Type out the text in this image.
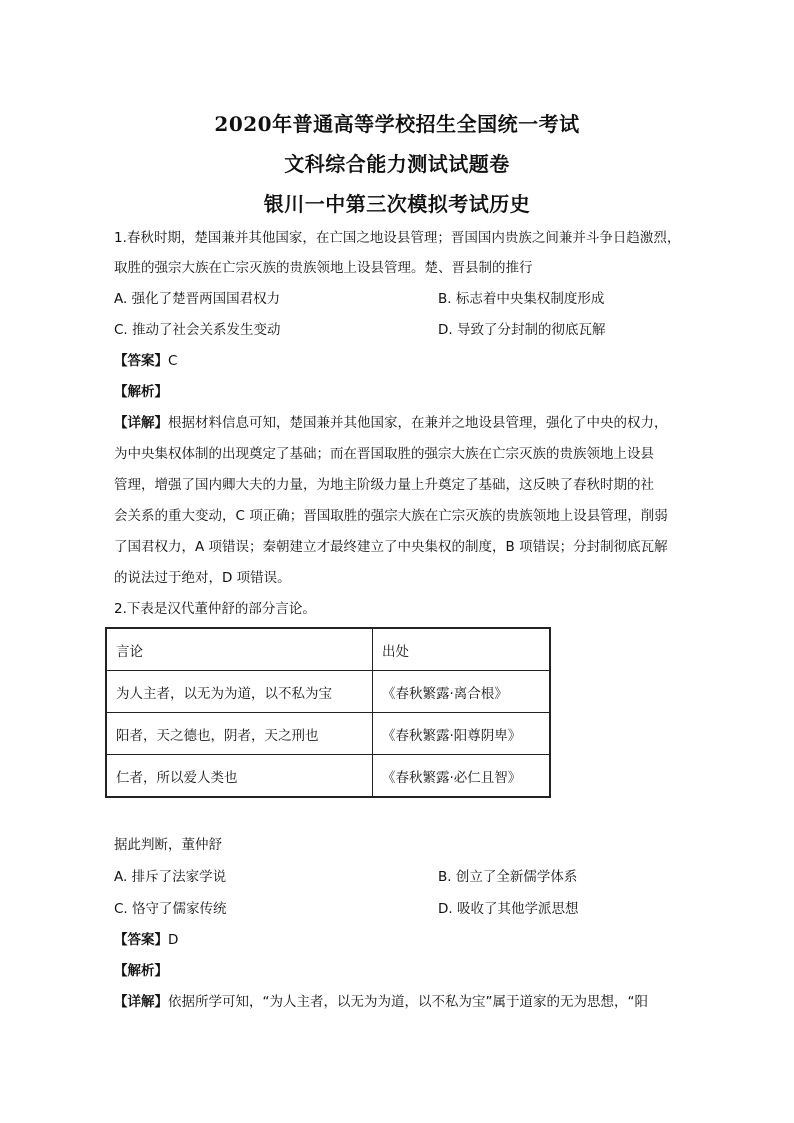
2020年普通高等学校招生全国统一考试
文科综合能力测试试题卷
银川一中第三次模拟考试历史
1.春秋时期，楚国兼并其他国家，在亡国之地设县管理；晋国国内贵族之间兼并斗争日趋激烈，
取胜的强宗大族在亡宗灭族的贵族领地上设县管理。楚、晋县制的推行
A. 强化了楚晋两国国君权力	B. 标志着中央集权制度形成
C. 推动了社会关系发生变动	D. 导致了分封制的彻底瓦解
【答案】C
【解析】
【详解】根据材料信息可知，楚国兼并其他国家，在兼并之地设县管理，强化了中央的权力，
为中央集权体制的出现奠定了基础；而在晋国取胜的强宗大族在亡宗灭族的贵族领地上设县
管理，增强了国内卿大夫的力量，为地主阶级力量上升奠定了基础，这反映了春秋时期的社
会关系的重大变动，C 项正确；晋国取胜的强宗大族在亡宗灭族的贵族领地上设县管理，削弱
了国君权力，A 项错误；秦朝建立才最终建立了中央集权的制度，B 项错误；分封制彻底瓦解
的说法过于绝对，D 项错误。
2.下表是汉代董仲舒的部分言论。
言论	出处
为人主者，以无为为道，以不私为宝	《春秋繁露·离合根》
阳者，天之德也，阴者，天之刑也	《春秋繁露·阳尊阴卑》
仁者，所以爱人类也	《春秋繁露·必仁且智》
据此判断，董仲舒
A. 排斥了法家学说	B. 创立了全新儒学体系
C. 恪守了儒家传统	D. 吸收了其他学派思想
【答案】D
【解析】
【详解】依据所学可知，“为人主者，以无为为道，以不私为宝”属于道家的无为思想，“阳
